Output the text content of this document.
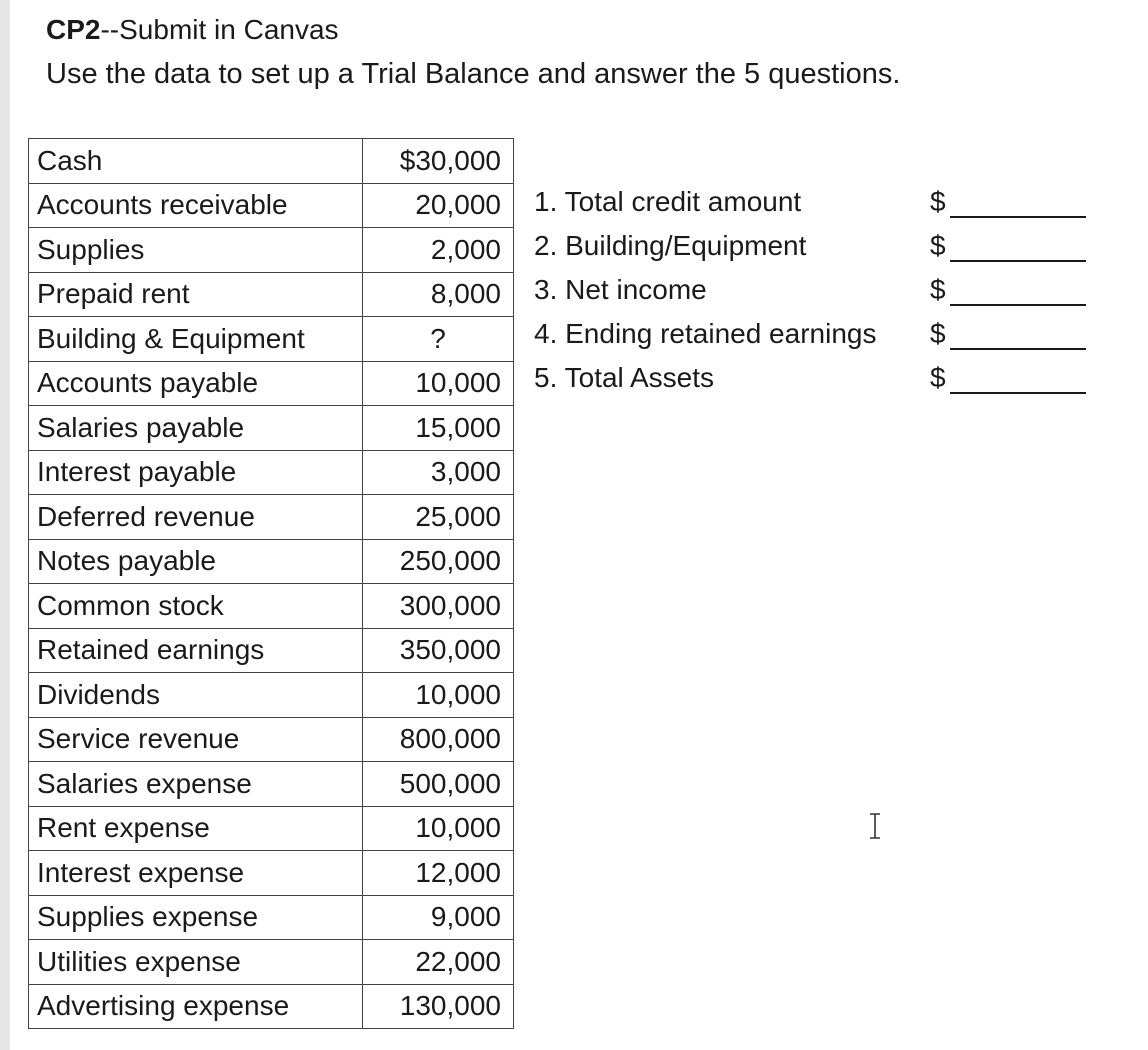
CP2--Submit in Canvas
Use the data to set up a Trial Balance and answer the 5 questions.
Cash	$30,000
Accounts receivable	20,000
Supplies	2,000
Prepaid rent	8,000
Building & Equipment	?
Accounts payable	10,000
Salaries payable	15,000
Interest payable	3,000
Deferred revenue	25,000
Notes payable	250,000
Common stock	300,000
Retained earnings	350,000
Dividends	10,000
Service revenue	800,000
Salaries expense	500,000
Rent expense	10,000
Interest expense	12,000
Supplies expense	9,000
Utilities expense	22,000
Advertising expense	130,000
1. Total credit amount	$
2. Building/Equipment	$
3. Net income	$
4. Ending retained earnings $
5. Total Assets	$
